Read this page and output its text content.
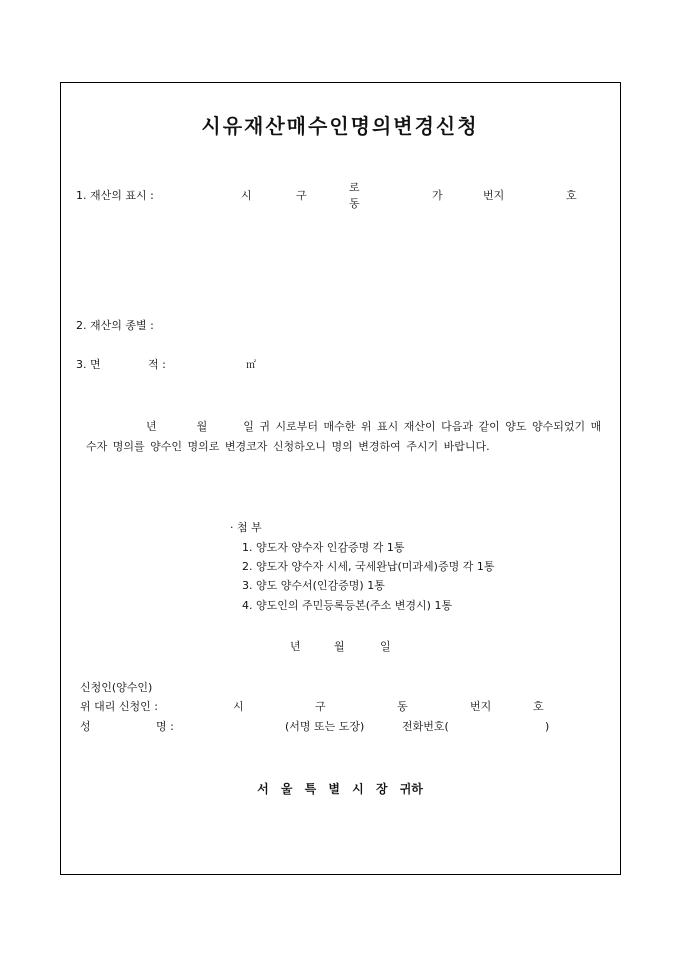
시유재산매수인명의변경신청
1. 재산의 표시 :	시	구
로
동
가	번지	호
2. 재산의 종별 :
3. 면	적 :	㎡
년	월	일 귀 시로부터 매수한 위 표시 재산이 다음과 같이 양도 양수되었기 매수자 명의를 양수인 명의로 변경코자 신청하오니 명의 변경하여 주시기 바랍니다.
· 첨 부
1. 양도자 양수자 인감증명 각 1통
2. 양도자 양수자 시세, 국세완납(미과세)증명 각 1통
3. 양도 양수서(인감증명) 1통
4. 양도인의 주민등록등본(주소 변경시) 1통
년	월	일
신청인(양수인)
위 대리 신청인 :	시	구	동	번지	호
성	명 :	(서명 또는 도장)	전화번호(	)
서 울 특 별 시 장 귀하
